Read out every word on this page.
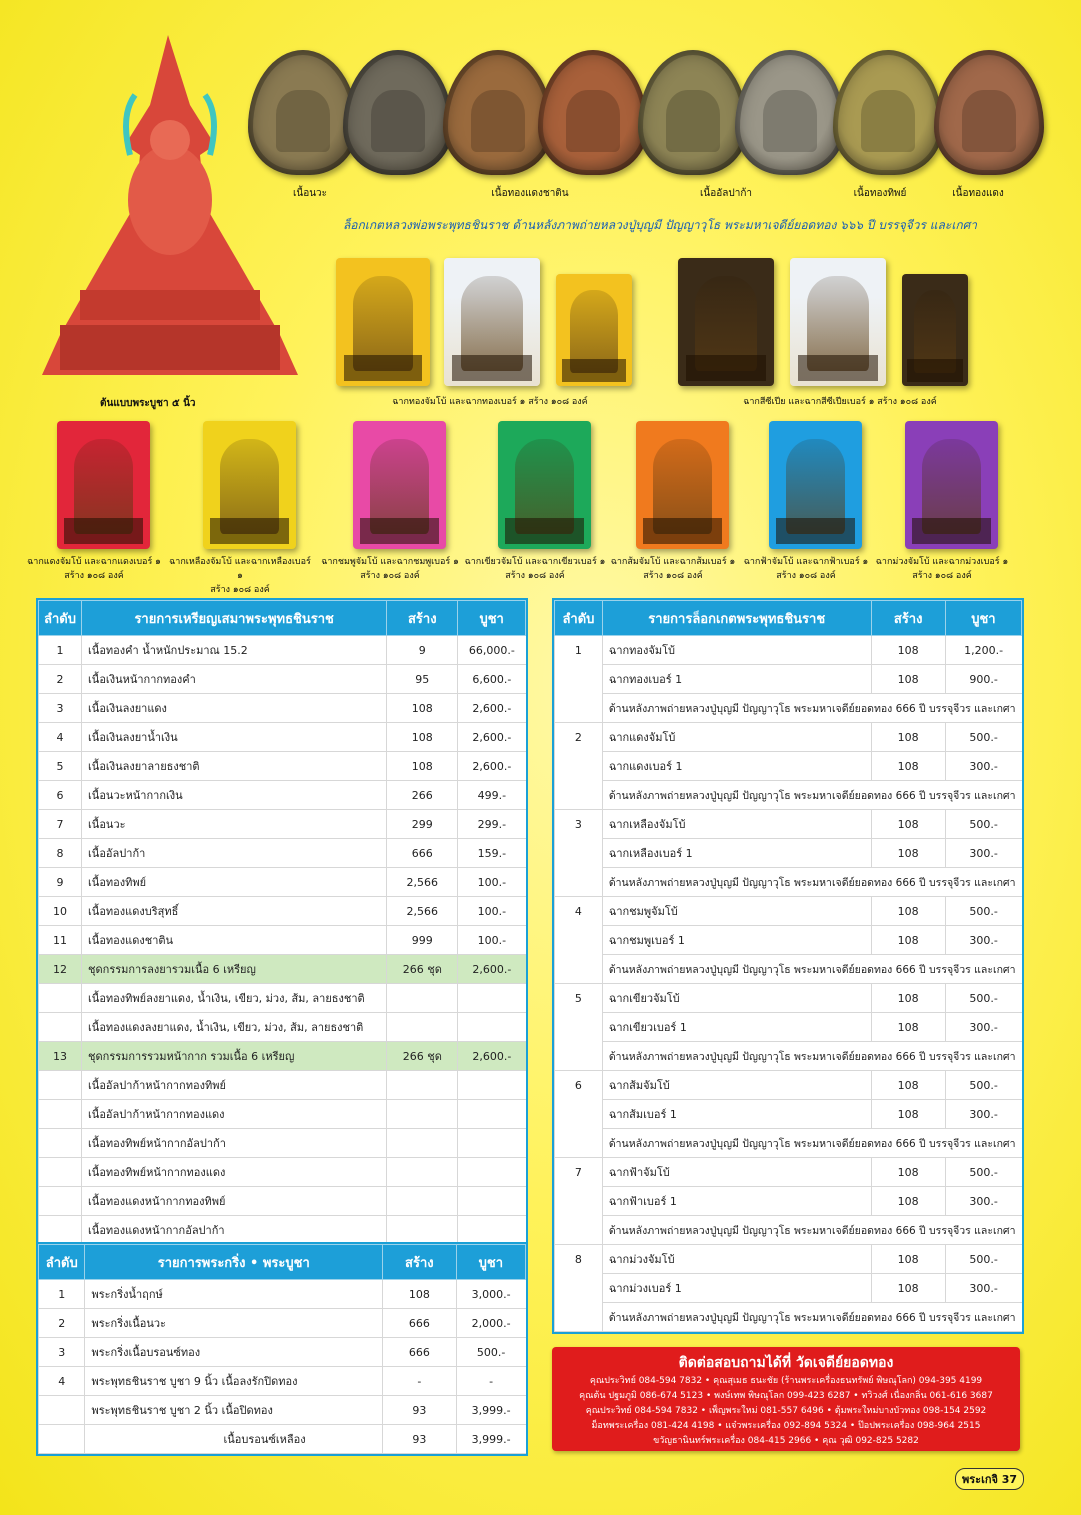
ต้นแบบพระบูชา ๕ นิ้ว
เนื้อนวะ	เนื้อทองแดงชาติน	เนื้ออัลปาก้า	เนื้อทองทิพย์	เนื้อทองแดง
ล็อกเกตหลวงพ่อพระพุทธชินราช ด้านหลังภาพถ่ายหลวงปู่บุญมี ปัญญาวุโธ พระมหาเจดีย์ยอดทอง ๖๖๖ ปี บรรจุจีวร และเกศา
ฉากทองจัมโบ้ และฉากทองเบอร์ ๑ สร้าง ๑๐๘ องค์	ฉากสีซีเปีย และฉากสีซีเปียเบอร์ ๑ สร้าง ๑๐๘ องค์
ฉากแดงจัมโบ้ และฉากแดงเบอร์ ๑
สร้าง ๑๐๘ องค์
ฉากเหลืองจัมโบ้ และฉากเหลืองเบอร์ ๑
สร้าง ๑๐๘ องค์
ฉากชมพูจัมโบ้ และฉากชมพูเบอร์ ๑
สร้าง ๑๐๘ องค์
ฉากเขียวจัมโบ้ และฉากเขียวเบอร์ ๑
สร้าง ๑๐๘ องค์
ฉากส้มจัมโบ้ และฉากส้มเบอร์ ๑
สร้าง ๑๐๘ องค์
ฉากฟ้าจัมโบ้ และฉากฟ้าเบอร์ ๑
สร้าง ๑๐๘ องค์
ฉากม่วงจัมโบ้ และฉากม่วงเบอร์ ๑
สร้าง ๑๐๘ องค์
ลำดับ	รายการเหรียญเสมาพระพุทธชินราช	สร้าง	บูชา
1	เนื้อทองคำ น้ำหนักประมาณ 15.2	9	66,000.-
2	เนื้อเงินหน้ากากทองคำ	95	6,600.-
3	เนื้อเงินลงยาแดง	108	2,600.-
4	เนื้อเงินลงยาน้ำเงิน	108	2,600.-
5	เนื้อเงินลงยาลายธงชาติ	108	2,600.-
6	เนื้อนวะหน้ากากเงิน	266	499.-
7	เนื้อนวะ	299	299.-
8	เนื้ออัลปาก้า	666	159.-
9	เนื้อทองทิพย์	2,566	100.-
10	เนื้อทองแดงบริสุทธิ์	2,566	100.-
11	เนื้อทองแดงชาติน	999	100.-
12	ชุดกรรมการลงยารวมเนื้อ 6 เหรียญ	266 ชุด	2,600.-
	เนื้อทองทิพย์ลงยาแดง, น้ำเงิน, เขียว, ม่วง, ส้ม, ลายธงชาติ		
	เนื้อทองแดงลงยาแดง, น้ำเงิน, เขียว, ม่วง, ส้ม, ลายธงชาติ		
13	ชุดกรรมการรวมหน้ากาก รวมเนื้อ 6 เหรียญ	266 ชุด	2,600.-
	เนื้ออัลปาก้าหน้ากากทองทิพย์		
	เนื้ออัลปาก้าหน้ากากทองแดง		
	เนื้อทองทิพย์หน้ากากอัลปาก้า		
	เนื้อทองทิพย์หน้ากากทองแดง		
	เนื้อทองแดงหน้ากากทองทิพย์		
	เนื้อทองแดงหน้ากากอัลปาก้า		
ลำดับ	รายการพระกริ่ง • พระบูชา	สร้าง	บูชา
1	พระกริ่งน้ำฤกษ์	108	3,000.-
2	พระกริ่งเนื้อนวะ	666	2,000.-
3	พระกริ่งเนื้อบรอนซ์ทอง	666	500.-
4	พระพุทธชินราช บูชา 9 นิ้ว เนื้อลงรักปิดทอง	-	-
	พระพุทธชินราช บูชา 2 นิ้ว เนื้อปิดทอง	93	3,999.-
	เนื้อบรอนซ์เหลือง	93	3,999.-
ลำดับ	รายการล็อกเกตพระพุทธชินราช	สร้าง	บูชา
1	ฉากทองจัมโบ้	108	1,200.-
	ฉากทองเบอร์ 1	108	900.-
	ด้านหลังภาพถ่ายหลวงปู่บุญมี ปัญญาวุโธ พระมหาเจดีย์ยอดทอง 666 ปี บรรจุจีวร และเกศา		
2	ฉากแดงจัมโบ้	108	500.-
	ฉากแดงเบอร์ 1	108	300.-
	ด้านหลังภาพถ่ายหลวงปู่บุญมี ปัญญาวุโธ พระมหาเจดีย์ยอดทอง 666 ปี บรรจุจีวร และเกศา		
3	ฉากเหลืองจัมโบ้	108	500.-
	ฉากเหลืองเบอร์ 1	108	300.-
	ด้านหลังภาพถ่ายหลวงปู่บุญมี ปัญญาวุโธ พระมหาเจดีย์ยอดทอง 666 ปี บรรจุจีวร และเกศา		
4	ฉากชมพูจัมโบ้	108	500.-
	ฉากชมพูเบอร์ 1	108	300.-
	ด้านหลังภาพถ่ายหลวงปู่บุญมี ปัญญาวุโธ พระมหาเจดีย์ยอดทอง 666 ปี บรรจุจีวร และเกศา		
5	ฉากเขียวจัมโบ้	108	500.-
	ฉากเขียวเบอร์ 1	108	300.-
	ด้านหลังภาพถ่ายหลวงปู่บุญมี ปัญญาวุโธ พระมหาเจดีย์ยอดทอง 666 ปี บรรจุจีวร และเกศา		
6	ฉากส้มจัมโบ้	108	500.-
	ฉากส้มเบอร์ 1	108	300.-
	ด้านหลังภาพถ่ายหลวงปู่บุญมี ปัญญาวุโธ พระมหาเจดีย์ยอดทอง 666 ปี บรรจุจีวร และเกศา		
7	ฉากฟ้าจัมโบ้	108	500.-
	ฉากฟ้าเบอร์ 1	108	300.-
	ด้านหลังภาพถ่ายหลวงปู่บุญมี ปัญญาวุโธ พระมหาเจดีย์ยอดทอง 666 ปี บรรจุจีวร และเกศา		
8	ฉากม่วงจัมโบ้	108	500.-
	ฉากม่วงเบอร์ 1	108	300.-
	ด้านหลังภาพถ่ายหลวงปู่บุญมี ปัญญาวุโธ พระมหาเจดีย์ยอดทอง 666 ปี บรรจุจีวร และเกศา		
ติดต่อสอบถามได้ที่ วัดเจดีย์ยอดทอง
คุณประวิทย์ 084-594 7832 • คุณสุเมธ ธนะชัย (ร้านพระเครื่องธนทรัพย์ พิษณุโลก) 094-395 4199
คุณต้น ปฐมภูมิ 086-674 5123 • พงษ์เทพ พิษณุโลก 099-423 6287 • ทวิวงศ์ เนื่องกลิ่น 061-616 3687
คุณประวิทย์ 084-594 7832 • เพ็ญพระใหม่ 081-557 6496 • ตุ้มพระใหม่บางบัวทอง 098-154 2592
ม็อทพระเครื่อง 081-424 4198 • แจ๋วพระเครื่อง 092-894 5324 • ป๊อปพระเครื่อง 098-964 2515
ขวัญธานินทร์พระเครื่อง 084-415 2966 • คุณ วุฒิ 092-825 5282
พระเกจิ 37
